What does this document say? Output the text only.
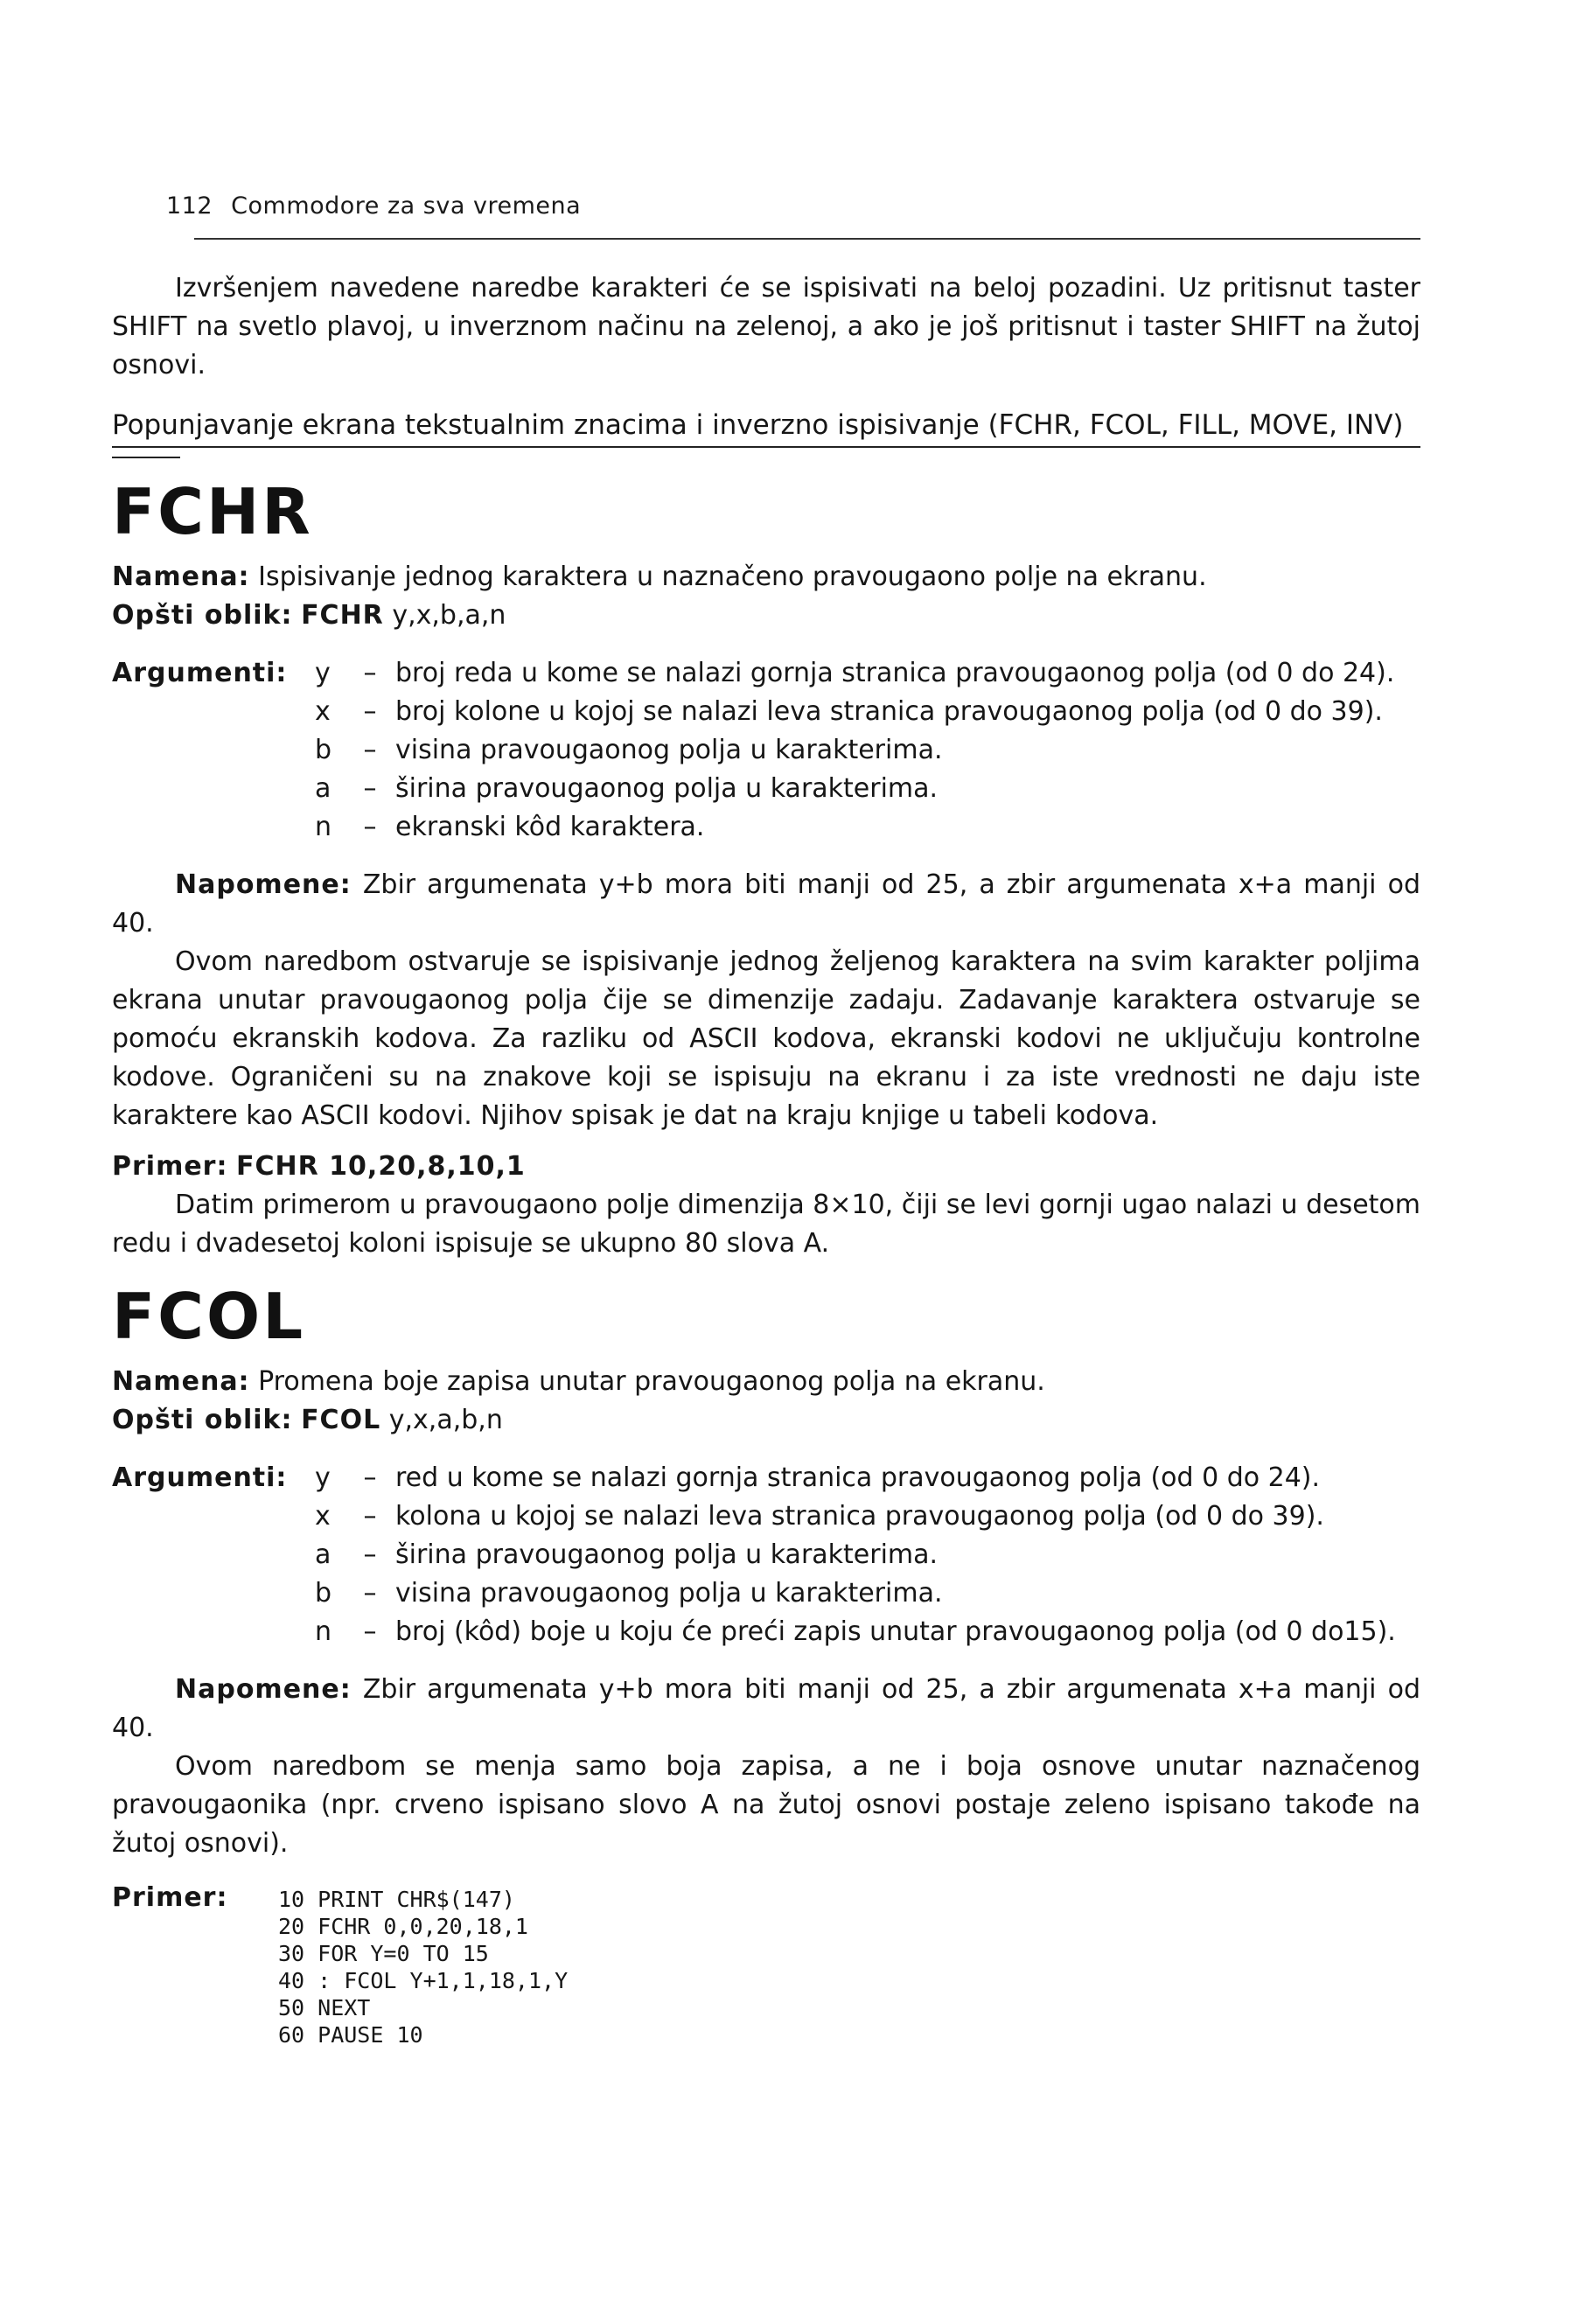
112 Commodore za sva vremena

Izvršenjem navedene naredbe karakteri će se ispisivati na beloj pozadini. Uz pritisnut taster SHIFT na svetlo plavoj, u inverznom načinu na zelenoj, a ako je još pritisnut i taster SHIFT na žutoj osnovi.

Popunjavanje ekrana tekstualnim znacima i inverzno ispisivanje (FCHR, FCOL, FILL, MOVE, INV)
FCHR

Namena: Ispisivanje jednog karaktera u naznačeno pravougaono polje na ekranu.

Opšti oblik: FCHR y,x,b,a,n

Argumenti:	y	– broj reda u kome se nalazi gornja stranica pravougaonog polja (od 0 do 24).
x	– broj kolone u kojoj se nalazi leva stranica pravougaonog polja (od 0 do 39).
b	– visina pravougaonog polja u karakterima.
a	– širina pravougaonog polja u karakterima.
n	– ekranski kôd karaktera.

Napomene: Zbir argumenata y+b mora biti manji od 25, a zbir argumenata x+a manji od 40.

Ovom naredbom ostvaruje se ispisivanje jednog željenog karaktera na svim karakter poljima ekrana unutar pravougaonog polja čije se dimenzije zadaju. Zadavanje karaktera ostvaruje se pomoću ekranskih kodova. Za razliku od ASCII kodova, ekranski kodovi ne uključuju kontrolne kodove. Ograničeni su na znakove koji se ispisuju na ekranu i za iste vrednosti ne daju iste karaktere kao ASCII kodovi. Njihov spisak je dat na kraju knjige u tabeli kodova.

Primer: FCHR 10,20,8,10,1

Datim primerom u pravougaono polje dimenzija 8×10, čiji se levi gornji ugao nalazi u desetom redu i dvadesetoj koloni ispisuje se ukupno 80 slova A.

FCOL

Namena: Promena boje zapisa unutar pravougaonog polja na ekranu.

Opšti oblik: FCOL y,x,a,b,n

Argumenti:	y	– red u kome se nalazi gornja stranica pravougaonog polja (od 0 do 24).
x	– kolona u kojoj se nalazi leva stranica pravougaonog polja (od 0 do 39).
a	– širina pravougaonog polja u karakterima.
b	– visina pravougaonog polja u karakterima.
n	– broj (kôd) boje u koju će preći zapis unutar pravougaonog polja (od 0 do15).

Napomene: Zbir argumenata y+b mora biti manji od 25, a zbir argumenata x+a manji od 40.

Ovom naredbom se menja samo boja zapisa, a ne i boja osnove unutar naznačenog pravougaonika (npr. crveno ispisano slovo A na žutoj osnovi postaje zeleno ispisano takođe na žutoj osnovi).

Primer:	10 PRINT CHR$(147)
20 FCHR 0,0,20,18,1
30 FOR Y=0 TO 15
40 : FCOL Y+1,1,18,1,Y
50 NEXT
60 PAUSE 10
